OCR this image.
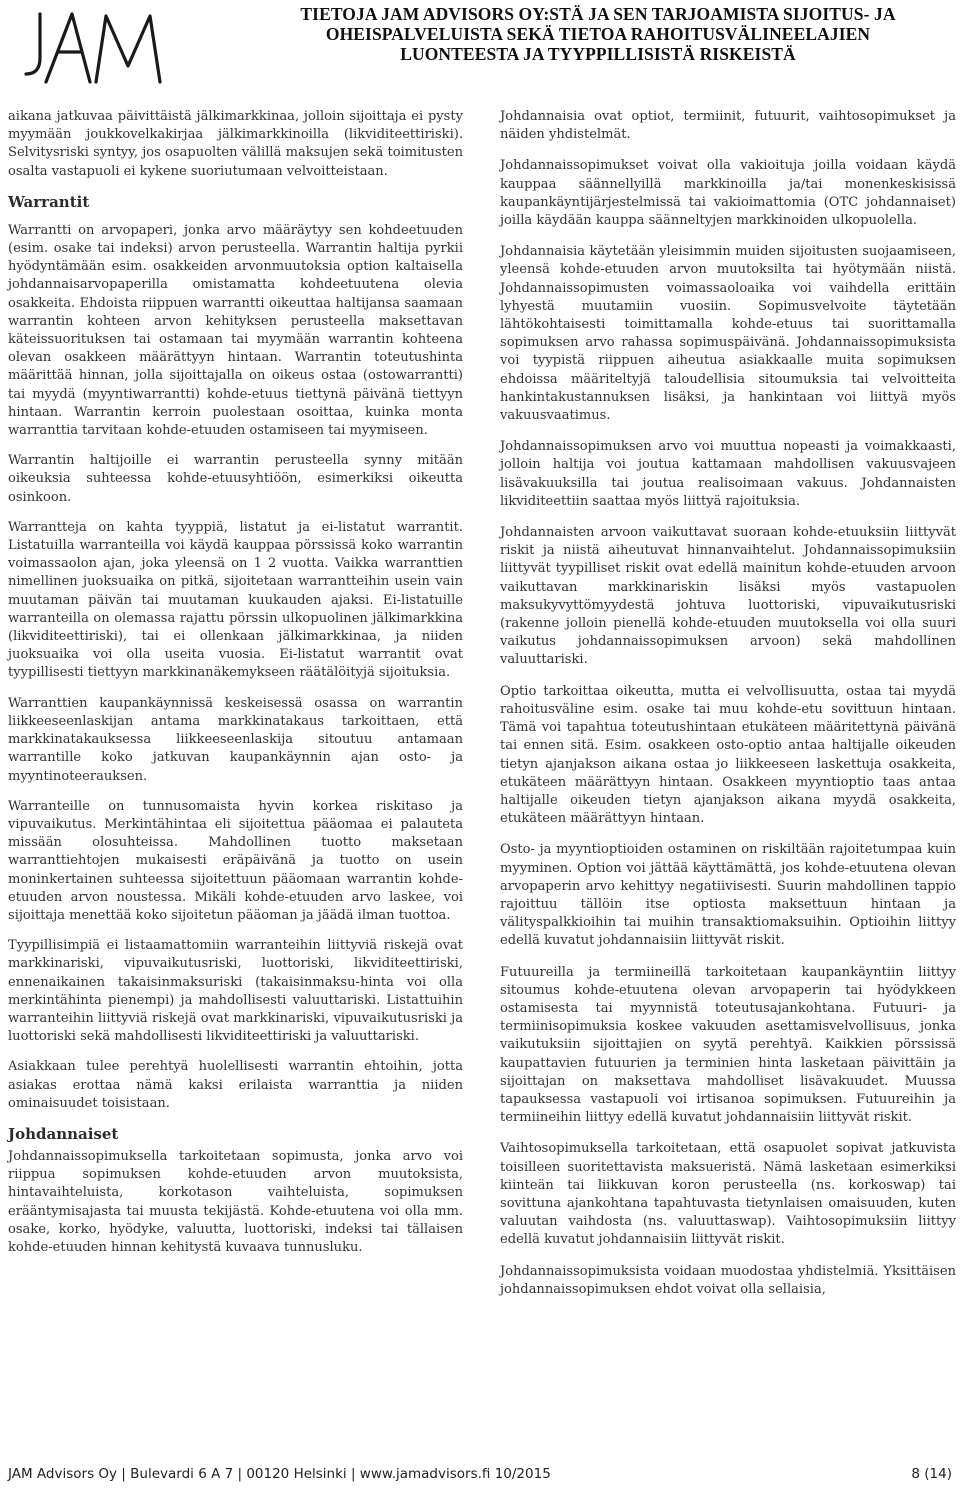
TIETOJA JAM ADVISORS OY:STÄ JA SEN TARJOAMISTA SIJOITUS- JA
OHEISPALVELUISTA SEKÄ TIETOA RAHOITUSVÄLINEELAJIEN
LUONTEESTA JA TYYPPILLISISTÄ RISKEISTÄ

aikana jatkuvaa päivittäistä jälkimarkkinaa, jolloin sijoittaja ei pysty myymään joukkovelkakirjaa jälkimarkkinoilla (likviditeettiriski). Selvitysriski syntyy, jos osapuolten välillä maksujen sekä toimitusten osalta vastapuoli ei kykene suoriutumaan velvoitteistaan.

Warrantit

Warrantti on arvopaperi, jonka arvo määräytyy sen kohdeetuuden (esim. osake tai indeksi) arvon perusteella. Warrantin haltija pyrkii hyödyntämään esim. osakkeiden arvonmuutoksia option kaltaisella johdannaisarvopaperilla omistamatta kohdeetuutena olevia osakkeita. Ehdoista riippuen warrantti oikeuttaa haltijansa saamaan warrantin kohteen arvon kehityksen perusteella maksettavan käteissuorituksen tai ostamaan tai myymään warrantin kohteena olevan osakkeen määrättyyn hintaan. Warrantin toteutushinta määrittää hinnan, jolla sijoittajalla on oikeus ostaa (ostowarrantti) tai myydä (myyntiwarrantti) kohde-etuus tiettynä päivänä tiettyyn hintaan. Warrantin kerroin puolestaan osoittaa, kuinka monta warranttia tarvitaan kohde-etuuden ostamiseen tai myymiseen.

Warrantin haltijoille ei warrantin perusteella synny mitään oikeuksia suhteessa kohde-etuusyhtiöön, esimerkiksi oikeutta osinkoon.

Warrantteja on kahta tyyppiä, listatut ja ei-listatut warrantit. Listatuilla warranteilla voi käydä kauppaa pörssissä koko warrantin voimassaolon ajan, joka yleensä on 1 2 vuotta. Vaikka warranttien nimellinen juoksuaika on pitkä, sijoitetaan warrantteihin usein vain muutaman päivän tai muutaman kuukauden ajaksi. Ei-listatuille warranteilla on olemassa rajattu pörssin ulkopuolinen jälkimarkkina (likviditeettiriski), tai ei ollenkaan jälkimarkkinaa, ja niiden juoksuaika voi olla useita vuosia. Ei-listatut warrantit ovat tyypillisesti tiettyyn markkinanäkemykseen räätälöityjä sijoituksia.

Warranttien kaupankäynnissä keskeisessä osassa on warrantin liikkeeseenlaskijan antama markkinatakaus tarkoittaen, että markkinatakauksessa liikkeeseenlaskija sitoutuu antamaan warrantille koko jatkuvan kaupankäynnin ajan osto- ja myyntinoteerauksen.

Warranteille on tunnusomaista hyvin korkea riskitaso ja vipuvaikutus. Merkintähintaa eli sijoitettua pääomaa ei palauteta missään olosuhteissa. Mahdollinen tuotto maksetaan warranttiehtojen mukaisesti eräpäivänä ja tuotto on usein moninkertainen suhteessa sijoitettuun pääomaan warrantin kohde-etuuden arvon noustessa. Mikäli kohde-etuuden arvo laskee, voi sijoittaja menettää koko sijoitetun pääoman ja jäädä ilman tuottoa.

Tyypillisimpiä ei listaamattomiin warranteihin liittyviä riskejä ovat markkinariski, vipuvaikutusriski, luottoriski, likviditeettiriski, ennenaikainen takaisinmaksuriski (takaisinmaksu-hinta voi olla merkintähinta pienempi) ja mahdollisesti valuuttariski. Listattuihin warranteihin liittyviä riskejä ovat markkinariski, vipuvaikutusriski ja luottoriski sekä mahdollisesti likviditeettiriski ja valuuttariski.

Asiakkaan tulee perehtyä huolellisesti warrantin ehtoihin, jotta asiakas erottaa nämä kaksi erilaista warranttia ja niiden ominaisuudet toisistaan.

Johdannaiset

Johdannaissopimuksella tarkoitetaan sopimusta, jonka arvo voi riippua sopimuksen kohde-etuuden arvon muutoksista, hintavaihteluista, korkotason vaihteluista, sopimuksen erääntymisajasta tai muusta tekijästä. Kohde-etuutena voi olla mm. osake, korko, hyödyke, valuutta, luottoriski, indeksi tai tällaisen kohde-etuuden hinnan kehitystä kuvaava tunnusluku.

Johdannaisia ovat optiot, termiinit, futuurit, vaihtosopimukset ja näiden yhdistelmät.

Johdannaissopimukset voivat olla vakioituja joilla voidaan käydä kauppaa säännellyillä markkinoilla ja/tai monenkeskisissä kaupankäyntijärjestelmissä tai vakioimattomia (OTC johdannaiset) joilla käydään kauppa säänneltyjen markkinoiden ulkopuolella.

Johdannaisia käytetään yleisimmin muiden sijoitusten suojaamiseen, yleensä kohde-etuuden arvon muutoksilta tai hyötymään niistä. Johdannaissopimusten voimassaoloaika voi vaihdella erittäin lyhyestä muutamiin vuosiin. Sopimusvelvoite täytetään lähtökohtaisesti toimittamalla kohde-etuus tai suorittamalla sopimuksen arvo rahassa sopimuspäivänä. Johdannaissopimuksista voi tyypistä riippuen aiheutua asiakkaalle muita sopimuksen ehdoissa määriteltyjä taloudellisia sitoumuksia tai velvoitteita hankintakustannuksen lisäksi, ja hankintaan voi liittyä myös vakuusvaatimus.

Johdannaissopimuksen arvo voi muuttua nopeasti ja voimakkaasti, jolloin haltija voi joutua kattamaan mahdollisen vakuusvajeen lisävakuuksilla tai joutua realisoimaan vakuus. Johdannaisten likviditeettiin saattaa myös liittyä rajoituksia.

Johdannaisten arvoon vaikuttavat suoraan kohde-etuuksiin liittyvät riskit ja niistä aiheutuvat hinnanvaihtelut. Johdannaissopimuksiin liittyvät tyypilliset riskit ovat edellä mainitun kohde-etuuden arvoon vaikuttavan markkinariskin lisäksi myös vastapuolen maksukyvyttömyydestä johtuva luottoriski, vipuvaikutusriski (rakenne jolloin pienellä kohde-etuuden muutoksella voi olla suuri vaikutus johdannaissopimuksen arvoon) sekä mahdollinen valuuttariski.

Optio tarkoittaa oikeutta, mutta ei velvollisuutta, ostaa tai myydä rahoitusväline esim. osake tai muu kohde-etu sovittuun hintaan. Tämä voi tapahtua toteutushintaan etukäteen määritettynä päivänä tai ennen sitä. Esim. osakkeen osto-optio antaa haltijalle oikeuden tietyn ajanjakson aikana ostaa jo liikkeeseen laskettuja osakkeita, etukäteen määrättyyn hintaan. Osakkeen myyntioptio taas antaa haltijalle oikeuden tietyn ajanjakson aikana myydä osakkeita, etukäteen määrättyyn hintaan.

Osto- ja myyntioptioiden ostaminen on riskiltään rajoitetumpaa kuin myyminen. Option voi jättää käyttämättä, jos kohde-etuutena olevan arvopaperin arvo kehittyy negatiivisesti. Suurin mahdollinen tappio rajoittuu tällöin itse optiosta maksettuun hintaan ja välityspalkkioihin tai muihin transaktiomaksuihin. Optioihin liittyy edellä kuvatut johdannaisiin liittyvät riskit.

Futuureilla ja termiineillä tarkoitetaan kaupankäyntiin liittyy sitoumus kohde-etuutena olevan arvopaperin tai hyödykkeen ostamisesta tai myynnistä toteutusajankohtana. Futuuri- ja termiinisopimuksia koskee vakuuden asettamisvelvollisuus, jonka vaikutuksiin sijoittajien on syytä perehtyä. Kaikkien pörssissä kaupattavien futuurien ja terminien hinta lasketaan päivittäin ja sijoittajan on maksettava mahdolliset lisävakuudet. Muussa tapauksessa vastapuoli voi irtisanoa sopimuksen. Futuureihin ja termiineihin liittyy edellä kuvatut johdannaisiin liittyvät riskit.

Vaihtosopimuksella tarkoitetaan, että osapuolet sopivat jatkuvista toisilleen suoritettavista maksueristä. Nämä lasketaan esimerkiksi kiinteän tai liikkuvan koron perusteella (ns. korkoswap) tai sovittuna ajankohtana tapahtuvasta tietynlaisen omaisuuden, kuten valuutan vaihdosta (ns. valuuttaswap). Vaihtosopimuksiin liittyy edellä kuvatut johdannaisiin liittyvät riskit.

Johdannaissopimuksista voidaan muodostaa yhdistelmiä. Yksittäisen johdannaissopimuksen ehdot voivat olla sellaisia,

JAM Advisors Oy | Bulevardi 6 A 7 | 00120 Helsinki | www.jamadvisors.fi 10/2015	8 (14)
